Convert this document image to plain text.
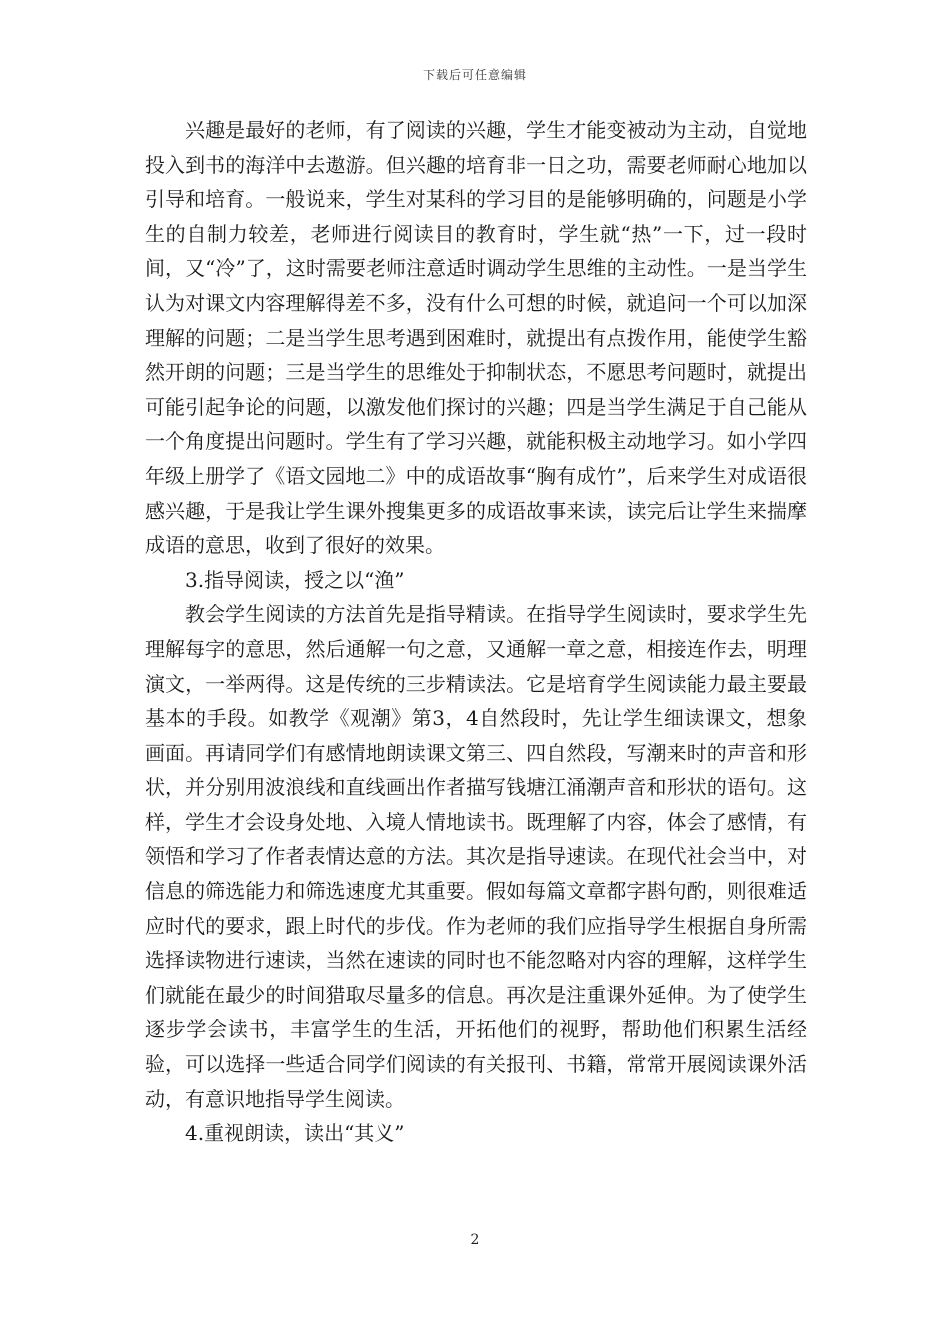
下载后可任意编辑

兴趣是最好的老师，有了阅读的兴趣，学生才能变被动为主动，自觉地投入到书的海洋中去遨游。但兴趣的培育非一日之功，需要老师耐心地加以引导和培育。一般说来，学生对某科的学习目的是能够明确的，问题是小学生的自制力较差，老师进行阅读目的教育时，学生就“热”一下，过一段时间，又“冷”了，这时需要老师注意适时调动学生思维的主动性。一是当学生认为对课文内容理解得差不多，没有什么可想的时候，就追问一个可以加深理解的问题；二是当学生思考遇到困难时，就提出有点拨作用，能使学生豁然开朗的问题；三是当学生的思维处于抑制状态，不愿思考问题时，就提出可能引起争论的问题，以激发他们探讨的兴趣；四是当学生满足于自己能从一个角度提出问题时。学生有了学习兴趣，就能积极主动地学习。如小学四年级上册学了《语文园地二》中的成语故事“胸有成竹”，后来学生对成语很感兴趣，于是我让学生课外搜集更多的成语故事来读，读完后让学生来揣摩成语的意思，收到了很好的效果。

3.指导阅读，授之以“渔”

教会学生阅读的方法首先是指导精读。在指导学生阅读时，要求学生先理解每字的意思，然后通解一句之意，又通解一章之意，相接连作去，明理演文，一举两得。这是传统的三步精读法。它是培育学生阅读能力最主要最基本的手段。如教学《观潮》第3，4自然段时，先让学生细读课文，想象画面。再请同学们有感情地朗读课文第三、四自然段，写潮来时的声音和形状，并分别用波浪线和直线画出作者描写钱塘江涌潮声音和形状的语句。这样，学生才会设身处地、入境人情地读书。既理解了内容，体会了感情，有领悟和学习了作者表情达意的方法。其次是指导速读。在现代社会当中，对信息的筛选能力和筛选速度尤其重要。假如每篇文章都字斟句酌，则很难适应时代的要求，跟上时代的步伐。作为老师的我们应指导学生根据自身所需选择读物进行速读，当然在速读的同时也不能忽略对内容的理解，这样学生们就能在最少的时间猎取尽量多的信息。再次是注重课外延伸。为了使学生逐步学会读书，丰富学生的生活，开拓他们的视野，帮助他们积累生活经验，可以选择一些适合同学们阅读的有关报刊、书籍，常常开展阅读课外活动，有意识地指导学生阅读。

4.重视朗读，读出“其义”

2
